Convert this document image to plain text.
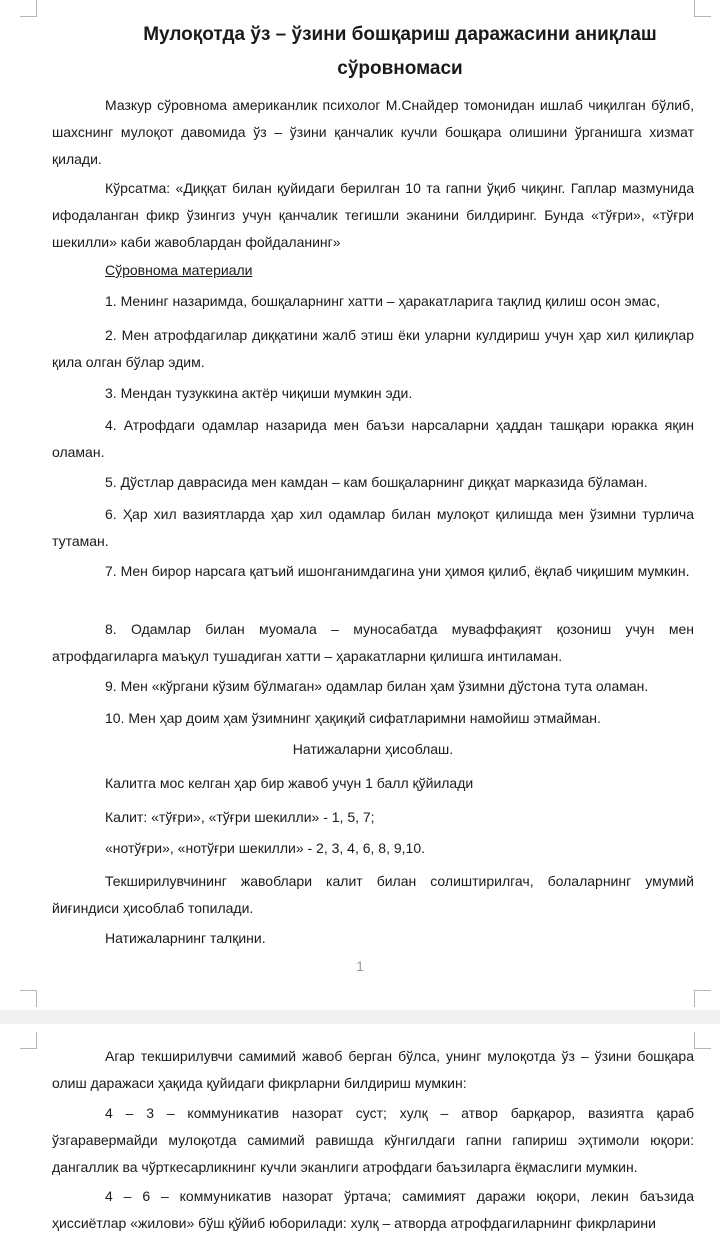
Мулоқотда ўз – ўзини бошқариш даражасини аниқлаш
сўровномаси

Мазкур сўровнома американлик психолог М.Снайдер томонидан ишлаб чиқилган бўлиб, шахснинг мулоқот давомида ўз – ўзини қанчалик кучли бошқара олишини ўрганишга хизмат қилади.

Кўрсатма: «Диққат билан қуйидаги берилган 10 та гапни ўқиб чиқинг. Гаплар мазмунида ифодаланган фикр ўзингиз учун қанчалик тегишли эканини билдиринг. Бунда «тўғри», «тўғри шекилли» каби жавоблардан фойдаланинг»

Сўровнома материали

1. Менинг назаримда, бошқаларнинг хатти – ҳаракатларига тақлид қилиш осон эмас,

2. Мен атрофдагилар диққатини жалб этиш ёки уларни кулдириш учун ҳар хил қилиқлар қила олган бўлар эдим.

3. Мендан тузуккина актёр чиқиши мумкин эди.

4. Атрофдаги одамлар назарида мен баъзи нарсаларни ҳаддан ташқари юракка яқин оламан.

5. Дўстлар даврасида мен камдан – кам бошқаларнинг диққат марказида бўламан.

6. Ҳар хил вазиятларда ҳар хил одамлар билан мулоқот қилишда мен ўзимни турлича тутаман.

7. Мен бирор нарсага қатъий ишонганимдагина уни ҳимоя қилиб, ёқлаб чиқишим мумкин.

8. Одамлар билан муомала – муносабатда муваффақият қозониш учун мен атрофдагиларга маъқул тушадиган хатти – ҳаракатларни қилишга интиламан.

9. Мен «кўргани кўзим бўлмаган» одамлар билан ҳам ўзимни дўстона тута оламан.

10. Мен ҳар доим ҳам ўзимнинг ҳақиқий сифатларимни намойиш этмайман.

Натижаларни ҳисоблаш.

Калитга мос келган ҳар бир жавоб учун 1 балл қўйилади

Калит: «тўғри», «тўғри шекилли» - 1, 5, 7;

«нотўғри», «нотўғри шекилли» - 2, 3, 4, 6, 8, 9,10.

Текширилувчининг жавоблари калит билан солиштирилгач, болаларнинг умумий йиғиндиси ҳисоблаб топилади.

Натижаларнинг талқини.

1

Агар текширилувчи самимий жавоб берган бўлса, унинг мулоқотда ўз – ўзини бошқара олиш даражаси ҳақида қуйидаги фикрларни билдириш мумкин:

4 – 3 – коммуникатив назорат суст; хулқ – атвор барқарор, вазиятга қараб ўзгаравермайди мулоқотда самимий равишда кўнгилдаги гапни гапириш эҳтимоли юқори: дангаллик ва чўрткесарликнинг кучли эканлиги атрофдаги баъзиларга ёқмаслиги мумкин.

4 – 6 – коммуникатив назорат ўртача; самимият даражи юқори, лекин баъзида ҳиссиётлар «жилови» бўш қўйиб юборилади: хулқ – атворда атрофдагиларнинг фикрларини
